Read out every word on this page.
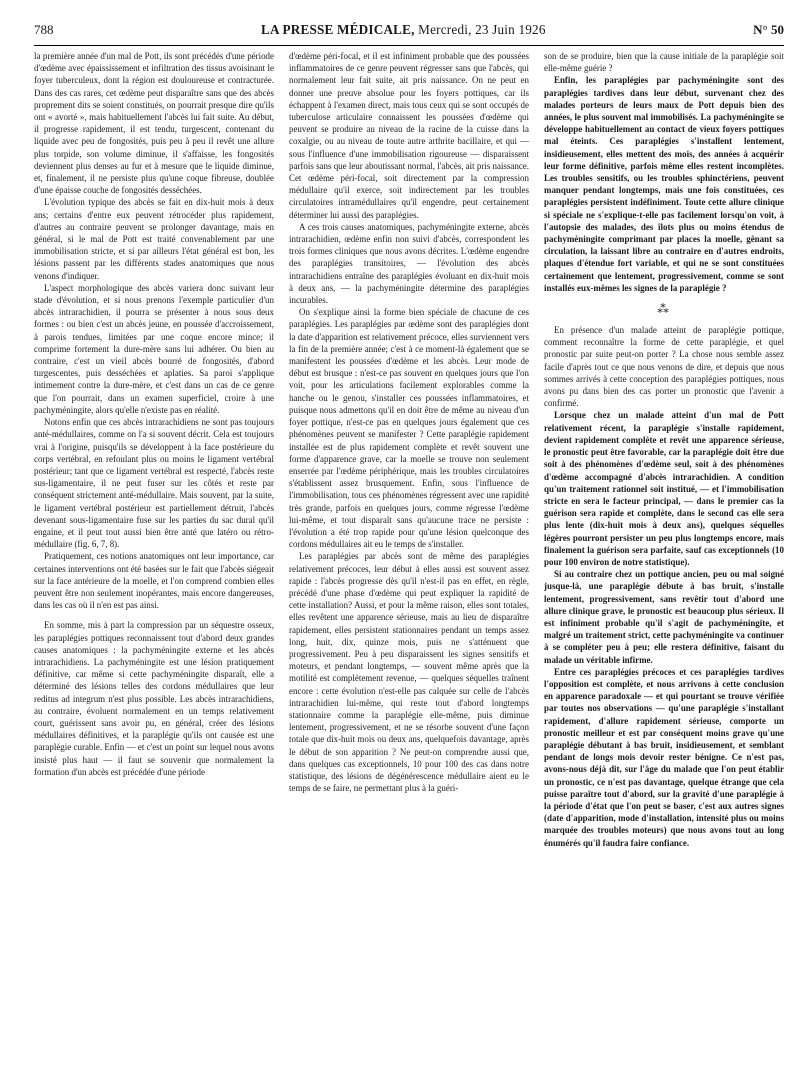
788	LA PRESSE MÉDICALE, Mercredi, 23 Juin 1926	N° 50

la première année d'un mal de Pott, ils sont précédés d'une période d'œdème avec épaississement et infiltration des tissus avoisinant le foyer tuberculeux, dont la région est douloureuse et contracturée. Dans des cas rares, cet œdème peut disparaître sans que des abcès proprement dits se soient constitués, on pourrait presque dire qu'ils ont « avorté », mais habituellement l'abcès lui fait suite. Au début, il progresse rapidement, il est tendu, turgescent, contenant du liquide avec peu de fongosités, puis peu à peu il revêt une allure plus torpide, son volume diminue, il s'affaisse, les fongosités deviennent plus denses au fur et à mesure que le liquide diminue, et, finalement, il ne persiste plus qu'une coque fibreuse, doublée d'une épaisse couche de fongosités desséchées.

L'évolution typique des abcès se fait en dix-huit mois à deux ans; certains d'entre eux peuvent rétrocéder plus rapidement, d'autres au contraire peuvent se prolonger davantage, mais en général, si le mal de Pott est traité convenablement par une immobilisation stricte, et si par ailleurs l'état général est bon, les lésions passent par les différents stades anatomiques que nous venons d'indiquer.

L'aspect morphologique des abcès variera donc suivant leur stade d'évolution, et si nous prenons l'exemple particulier d'un abcès intrarachidien, il pourra se présenter à nous sous deux formes : ou bien c'est un abcès jeune, en poussée d'accroissement, à parois tendues, limitées par une coque encore mince; il comprime fortement la dure-mère sans lui adhérer. Ou bien au contraire, c'est un vieil abcès bourré de fongosités, d'abord turgescentes, puis desséchées et aplaties. Sa paroi s'applique intimement contre la dure-mère, et c'est dans un cas de ce genre que l'on pourrait, dans un examen superficiel, croire à une pachyméningite, alors qu'elle n'existe pas en réalité.

Notons enfin que ces abcès intrarachidiens ne sont pas toujours anté-médullaires, comme on l'a si souvent décrit. Cela est toujours vrai à l'origine, puisqu'ils se développent à la face postérieure du corps vertébral, en refoulant plus ou moins le ligament vertébral postérieur; tant que ce ligament vertébral est respecté, l'abcès reste sus-ligamentaire, il ne peut fuser sur les côtés et reste par conséquent strictement anté-médullaire. Mais souvent, par la suite, le ligament vertébral postérieur est partiellement détruit, l'abcès devenant sous-ligamentaire fuse sur les parties du sac dural qu'il engaine, et il peut tout aussi bien être anté que latéro ou rétro-médullaire (fig. 6, 7, 8).

Pratiquement, ces notions anatomiques ont leur importance, car certaines interventions ont été basées sur le fait que l'abcès siégeait sur la face antérieure de la moelle, et l'on comprend combien elles peuvent être non seulement inopérantes, mais encore dangereuses, dans les cas où il n'en est pas ainsi.

En somme, mis à part la compression par un séquestre osseux, les paraplégies pottiques reconnaissent tout d'abord deux grandes causes anatomiques : la pachyméningite externe et les abcès intrarachidiens. La pachyméningite est une lésion pratiquement définitive, car même si cette pachyméningite disparaît, elle a déterminé des lésions telles des cordons médullaires que leur reditus ad integrum n'est plus possible. Les abcès intrarachidiens, au contraire, évoluent normalement en un temps relativement court, guérissent sans avoir pu, en général, créer des lésions médullaires définitives, et la paraplégie qu'ils ont causée est une paraplégie curable. Enfin — et c'est un point sur lequel nous avons insisté plus haut — il faut se souvenir que normalement la formation d'un abcès est précédée d'une période

d'œdème péri-focal, et il est infiniment probable que des poussées inflammatoires de ce genre peuvent régresser sans que l'abcès, qui normalement leur fait suite, ait pris naissance. On ne peut en donner une preuve absolue pour les foyers pottiques, car ils échappent à l'examen direct, mais tous ceux qui se sont occupés de tuberculose articulaire connaissent les poussées d'œdème qui peuvent se produire au niveau de la racine de la cuisse dans la coxalgie, ou au niveau de toute autre arthrite bacillaire, et qui — sous l'influence d'une immobilisation rigoureuse — disparaissent parfois sans que leur aboutissant normal, l'abcès, ait pris naissance. Cet œdème péri-focal, soit directement par la compression médullaire qu'il exerce, soit indirectement par les troubles circulatoires intramédullaires qu'il engendre, peut certainement déterminer lui aussi des paraplégies.

A ces trois causes anatomiques, pachyméningite externe, abcès intrarachidien, œdème enfin non suivi d'abcès, correspondent les trois formes cliniques que nous avons décrites. L'œdème engendre des paraplégies transitoires, — l'évolution des abcès intrarachidiens entraîne des paraplégies évoluant en dix-huit mois à deux ans, — la pachyméningite détermine des paraplégies incurables.

On s'explique ainsi la forme bien spéciale de chacune de ces paraplégies. Les paraplégies par œdème sont des paraplégies dont la date d'apparition est relativement précoce, elles surviennent vers la fin de la première année; c'est à ce moment-là également que se manifestent les poussées d'œdème et les abcès. Leur mode de début est brusque : n'est-ce pas souvent en quelques jours que l'on voit, pour les articulations facilement explorables comme la hanche ou le genou, s'installer ces poussées inflammatoires, et puisque nous admettons qu'il en doit être de même au niveau d'un foyer pottique, n'est-ce pas en quelques jours également que ces phénomènes peuvent se manifester ? Cette paraplégie rapidement installée est de plus rapidement complète et revêt souvent une forme d'apparence grave, car la moelle se trouve non seulement enserrée par l'œdème périphérique, mais les troubles circulatoires s'établissent assez brusquement. Enfin, sous l'influence de l'immobilisation, tous ces phénomènes régressent avec une rapidité très grande, parfois en quelques jours, comme régresse l'œdème lui-même, et tout disparaît sans qu'aucune trace ne persiste : l'évolution a été trop rapide pour qu'une lésion quelconque des cordons médullaires ait eu le temps de s'installer.

Les paraplégies par abcès sont de même des paraplégies relativement précoces, leur début à elles aussi est souvent assez rapide : l'abcès progresse dès qu'il n'est-il pas en effet, en règle, précédé d'une phase d'œdème qui peut expliquer la rapidité de cette installation? Aussi, et pour la même raison, elles sont totales, elles revêtent une apparence sérieuse, mais au lieu de disparaître rapidement, elles persistent stationnaires pendant un temps assez long, huit, dix, quinze mois, puis ne s'atténuent que progressivement. Peu à peu disparaissent les signes sensitifs et moteurs, et pendant longtemps, — souvent même après que la motilité est complètement revenue, — quelques séquelles traînent encore : cette évolution n'est-elle pas calquée sur celle de l'abcès intrarachidien lui-même, qui reste tout d'abord longtemps stationnaire comme la paraplégie elle-même, puis diminue lentement, progressivement, et ne se résorbe souvent d'une façon totale que dix-huit mois ou deux ans, quelquefois davantage, après le début de son apparition ? Ne peut-on comprendre aussi que, dans quelques cas exceptionnels, 10 pour 100 des cas dans notre statistique, des lésions de dégénérescence médullaire aient eu le temps de se faire, ne permettant plus à la guéri-

son de se produire, bien que la cause initiale de la paraplégie soit elle-même guérie ?

Enfin, les paraplégies par pachyméningite sont des paraplégies tardives dans leur début, survenant chez des malades porteurs de leurs maux de Pott depuis bien des années, le plus souvent mal immobilisés. La pachyméningite se développe habituellement au contact de vieux foyers pottiques mal éteints. Ces paraplégies s'installent lentement, insidieusement, elles mettent des mois, des années à acquérir leur forme définitive, parfois même elles restent incomplètes. Les troubles sensitifs, ou les troubles sphinctériens, peuvent manquer pendant longtemps, mais une fois constituées, ces paraplégies persistent indéfiniment. Toute cette allure clinique si spéciale ne s'explique-t-elle pas facilement lorsqu'on voit, à l'autopsie des malades, des îlots plus ou moins étendus de pachyméningite comprimant par places la moelle, gênant sa circulation, la laissant libre au contraire en d'autres endroits, plaques d'étendue fort variable, et qui ne se sont constituées certainement que lentement, progressivement, comme se sont installés eux-mêmes les signes de la paraplégie ?

⁂

En présence d'un malade atteint de paraplégie pottique, comment reconnaître la forme de cette paraplégie, et quel pronostic par suite peut-on porter ? La chose nous semble assez facile d'après tout ce que nous venons de dire, et depuis que nous sommes arrivés à cette conception des paraplégies pottiques, nous avons pu dans bien des cas porter un pronostic que l'avenir a confirmé.

Lorsque chez un malade atteint d'un mal de Pott relativement récent, la paraplégie s'installe rapidement, devient rapidement complète et revêt une apparence sérieuse, le pronostic peut être favorable, car la paraplégie doit être due soit à des phénomènes d'œdème seul, soit à des phénomènes d'œdème accompagné d'abcès intrarachidien. A condition qu'un traitement rationnel soit institué, — et l'immobilisation stricte en sera le facteur principal, — dans le premier cas la guérison sera rapide et complète, dans le second cas elle sera plus lente (dix-huit mois à deux ans), quelques séquelles légères pourront persister un peu plus longtemps encore, mais finalement la guérison sera parfaite, sauf cas exceptionnels (10 pour 100 environ de notre statistique).

Si au contraire chez un pottique ancien, peu ou mal soigné jusque-là, une paraplégie débute à bas bruit, s'installe lentement, progressivement, sans revêtir tout d'abord une allure clinique grave, le pronostic est beaucoup plus sérieux. Il est infiniment probable qu'il s'agit de pachyméningite, et malgré un traitement strict, cette pachyméningite va continuer à se compléter peu à peu; elle restera définitive, faisant du malade un véritable infirme.

Entre ces paraplégies précoces et ces paraplégies tardives l'opposition est complète, et nous arrivons à cette conclusion en apparence paradoxale — et qui pourtant se trouve vérifiée par toutes nos observations — qu'une paraplégie s'installant rapidement, d'allure rapidement sérieuse, comporte un pronostic meilleur et est par conséquent moins grave qu'une paraplégie débutant à bas bruit, insidieusement, et semblant pendant de longs mois devoir rester bénigne. Ce n'est pas, avons-nous déjà dit, sur l'âge du malade que l'on peut établir un pronostic, ce n'est pas davantage, quelque étrange que cela puisse paraître tout d'abord, sur la gravité d'une paraplégie à la période d'état que l'on peut se baser, c'est aux autres signes (date d'apparition, mode d'installation, intensité plus ou moins marquée des troubles moteurs) que nous avons tout au long énumérés qu'il faudra faire confiance.
